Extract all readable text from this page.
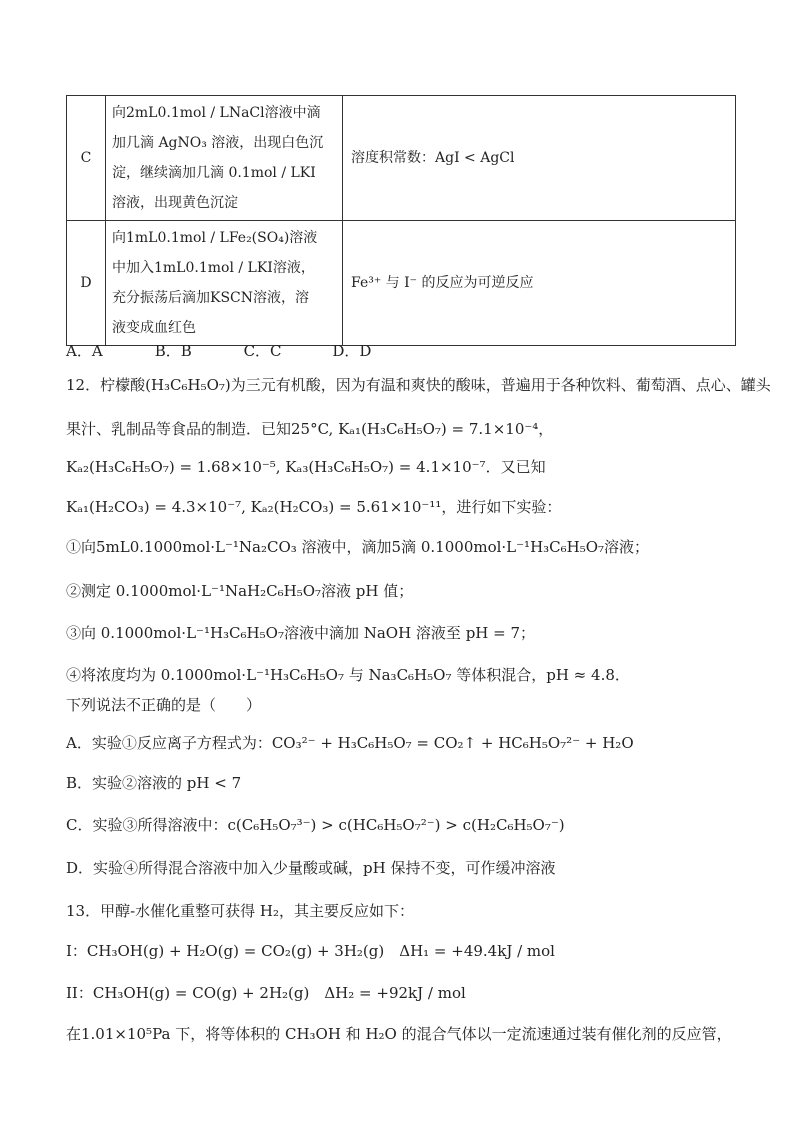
C	向2mL0.1mol / LNaCl溶液中滴
加几滴 AgNO₃ 溶液，出现白色沉
淀，继续滴加几滴 0.1mol / LKI
溶液，出现黄色沉淀	溶度积常数：AgI < AgCl
D	向1mL0.1mol / LFe₂(SO₄)溶液
中加入1mL0.1mol / LKI溶液，
充分振荡后滴加KSCN溶液，溶
液变成血红色	Fe³⁺ 与 I⁻ 的反应为可逆反应
A．A	B．B	C．C	D．D
12．柠檬酸(H₃C₆H₅O₇)为三元有机酸，因为有温和爽快的酸味，普遍用于各种饮料、葡萄酒、点心、罐头
果汁、乳制品等食品的制造．已知25°C, Kₐ₁(H₃C₆H₅O₇) = 7.1×10⁻⁴，
Kₐ₂(H₃C₆H₅O₇) = 1.68×10⁻⁵, Kₐ₃(H₃C₆H₅O₇) = 4.1×10⁻⁷．又已知
Kₐ₁(H₂CO₃) = 4.3×10⁻⁷, Kₐ₂(H₂CO₃) = 5.61×10⁻¹¹，进行如下实验：
①向5mL0.1000mol·L⁻¹Na₂CO₃ 溶液中，滴加5滴 0.1000mol·L⁻¹H₃C₆H₅O₇溶液；
②测定 0.1000mol·L⁻¹NaH₂C₆H₅O₇溶液 pH 值；
③向 0.1000mol·L⁻¹H₃C₆H₅O₇溶液中滴加 NaOH 溶液至 pH = 7；
④将浓度均为 0.1000mol·L⁻¹H₃C₆H₅O₇ 与 Na₃C₆H₅O₇ 等体积混合，pH ≈ 4.8．
下列说法不正确的是（　　）
A．实验①反应离子方程式为：CO₃²⁻ + H₃C₆H₅O₇ = CO₂↑ + HC₆H₅O₇²⁻ + H₂O
B．实验②溶液的 pH < 7
C．实验③所得溶液中：c(C₆H₅O₇³⁻) > c(HC₆H₅O₇²⁻) > c(H₂C₆H₅O₇⁻)
D．实验④所得混合溶液中加入少量酸或碱，pH 保持不变，可作缓冲溶液
13．甲醇-水催化重整可获得 H₂，其主要反应如下：
I：CH₃OH(g) + H₂O(g) = CO₂(g) + 3H₂(g)　ΔH₁ = +49.4kJ / mol
II：CH₃OH(g) = CO(g) + 2H₂(g)　ΔH₂ = +92kJ / mol
在1.01×10⁵Pa 下，将等体积的 CH₃OH 和 H₂O 的混合气体以一定流速通过装有催化剂的反应管，
